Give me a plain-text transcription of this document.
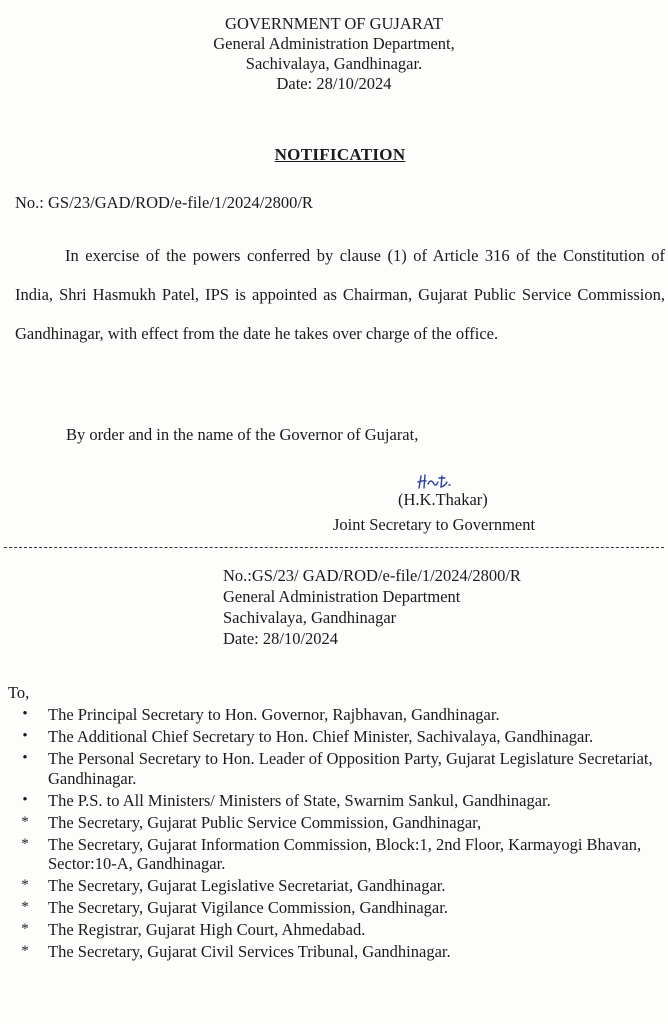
GOVERNMENT OF GUJARAT
General Administration Department,
Sachivalaya, Gandhinagar.
Date: 28/10/2024
NOTIFICATION
No.: GS/23/GAD/ROD/e-file/1/2024/2800/R
In exercise of the powers conferred by clause (1) of Article 316 of the Constitution of India, Shri Hasmukh Patel, IPS is appointed as Chairman, Gujarat Public Service Commission, Gandhinagar, with effect from the date he takes over charge of the office.
By order and in the name of the Governor of Gujarat,
(H.K.Thakar)
Joint Secretary to Government
No.:GS/23/ GAD/ROD/e-file/1/2024/2800/R
General Administration Department
Sachivalaya, Gandhinagar
Date: 28/10/2024
To,
•	The Principal Secretary to Hon. Governor, Rajbhavan, Gandhinagar.
•	The Additional Chief Secretary to Hon. Chief Minister, Sachivalaya, Gandhinagar.
•	The Personal Secretary to Hon. Leader of Opposition Party, Gujarat Legislature Secretariat, Gandhinagar.
•	The P.S. to All Ministers/ Ministers of State, Swarnim Sankul, Gandhinagar.
*	The Secretary, Gujarat Public Service Commission, Gandhinagar,
*	The Secretary, Gujarat Information Commission, Block:1, 2nd Floor, Karmayogi Bhavan, Sector:10-A, Gandhinagar.
*	The Secretary, Gujarat Legislative Secretariat, Gandhinagar.
*	The Secretary, Gujarat Vigilance Commission, Gandhinagar.
*	The Registrar, Gujarat High Court, Ahmedabad.
*	The Secretary, Gujarat Civil Services Tribunal, Gandhinagar.
